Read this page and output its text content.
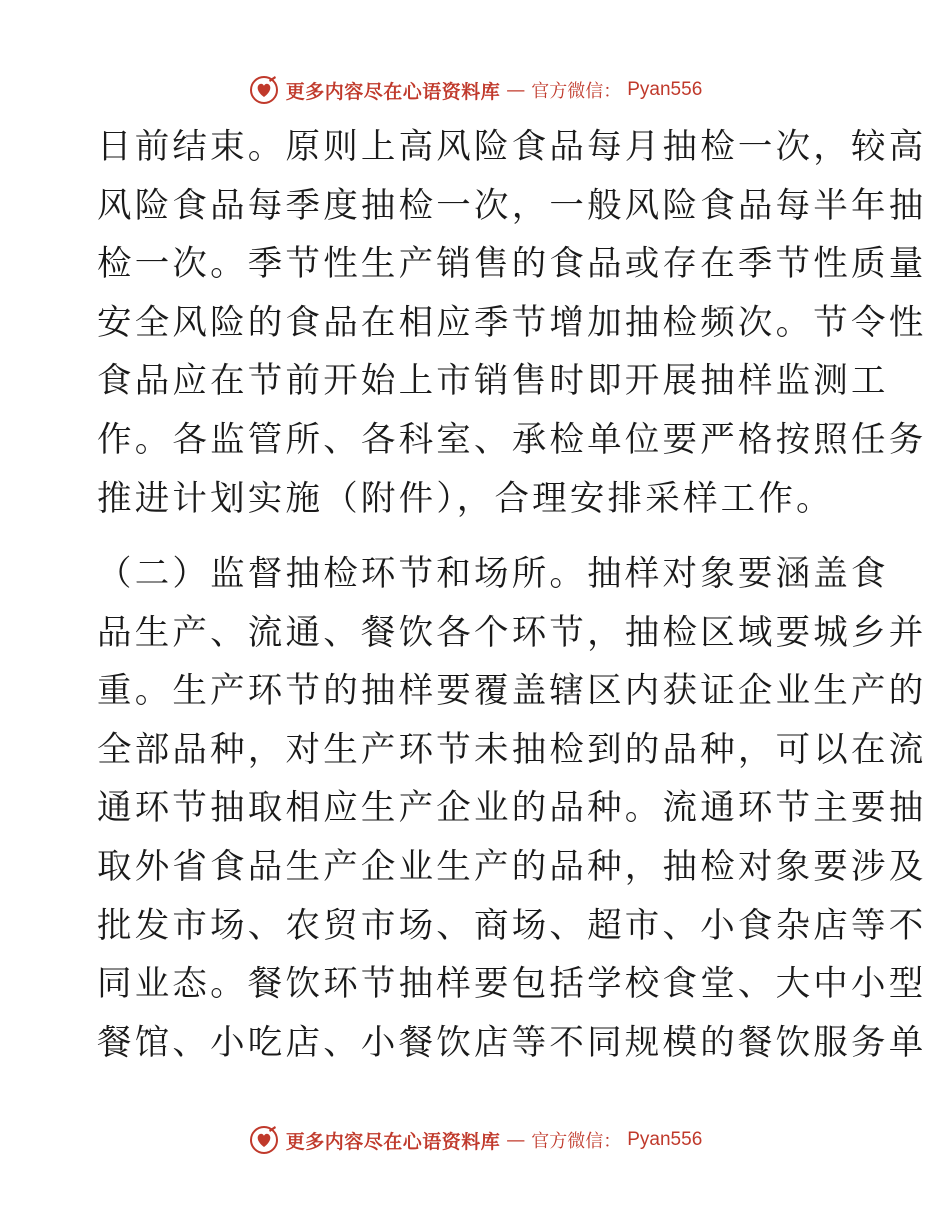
更多内容尽在心语资料库 — 官方微信： Pyan556
日前结束。原则上高风险食品每月抽检一次，较高
风险食品每季度抽检一次，一般风险食品每半年抽
检一次。季节性生产销售的食品或存在季节性质量
安全风险的食品在相应季节增加抽检频次。节令性
食品应在节前开始上市销售时即开展抽样监测工
作。各监管所、各科室、承检单位要严格按照任务
推进计划实施（附件），合理安排采样工作。
（二）监督抽检环节和场所。抽样对象要涵盖食
品生产、流通、餐饮各个环节，抽检区域要城乡并
重。生产环节的抽样要覆盖辖区内获证企业生产的
全部品种，对生产环节未抽检到的品种，可以在流
通环节抽取相应生产企业的品种。流通环节主要抽
取外省食品生产企业生产的品种，抽检对象要涉及
批发市场、农贸市场、商场、超市、小食杂店等不
同业态。餐饮环节抽样要包括学校食堂、大中小型
餐馆、小吃店、小餐饮店等不同规模的餐饮服务单
更多内容尽在心语资料库 — 官方微信： Pyan556
